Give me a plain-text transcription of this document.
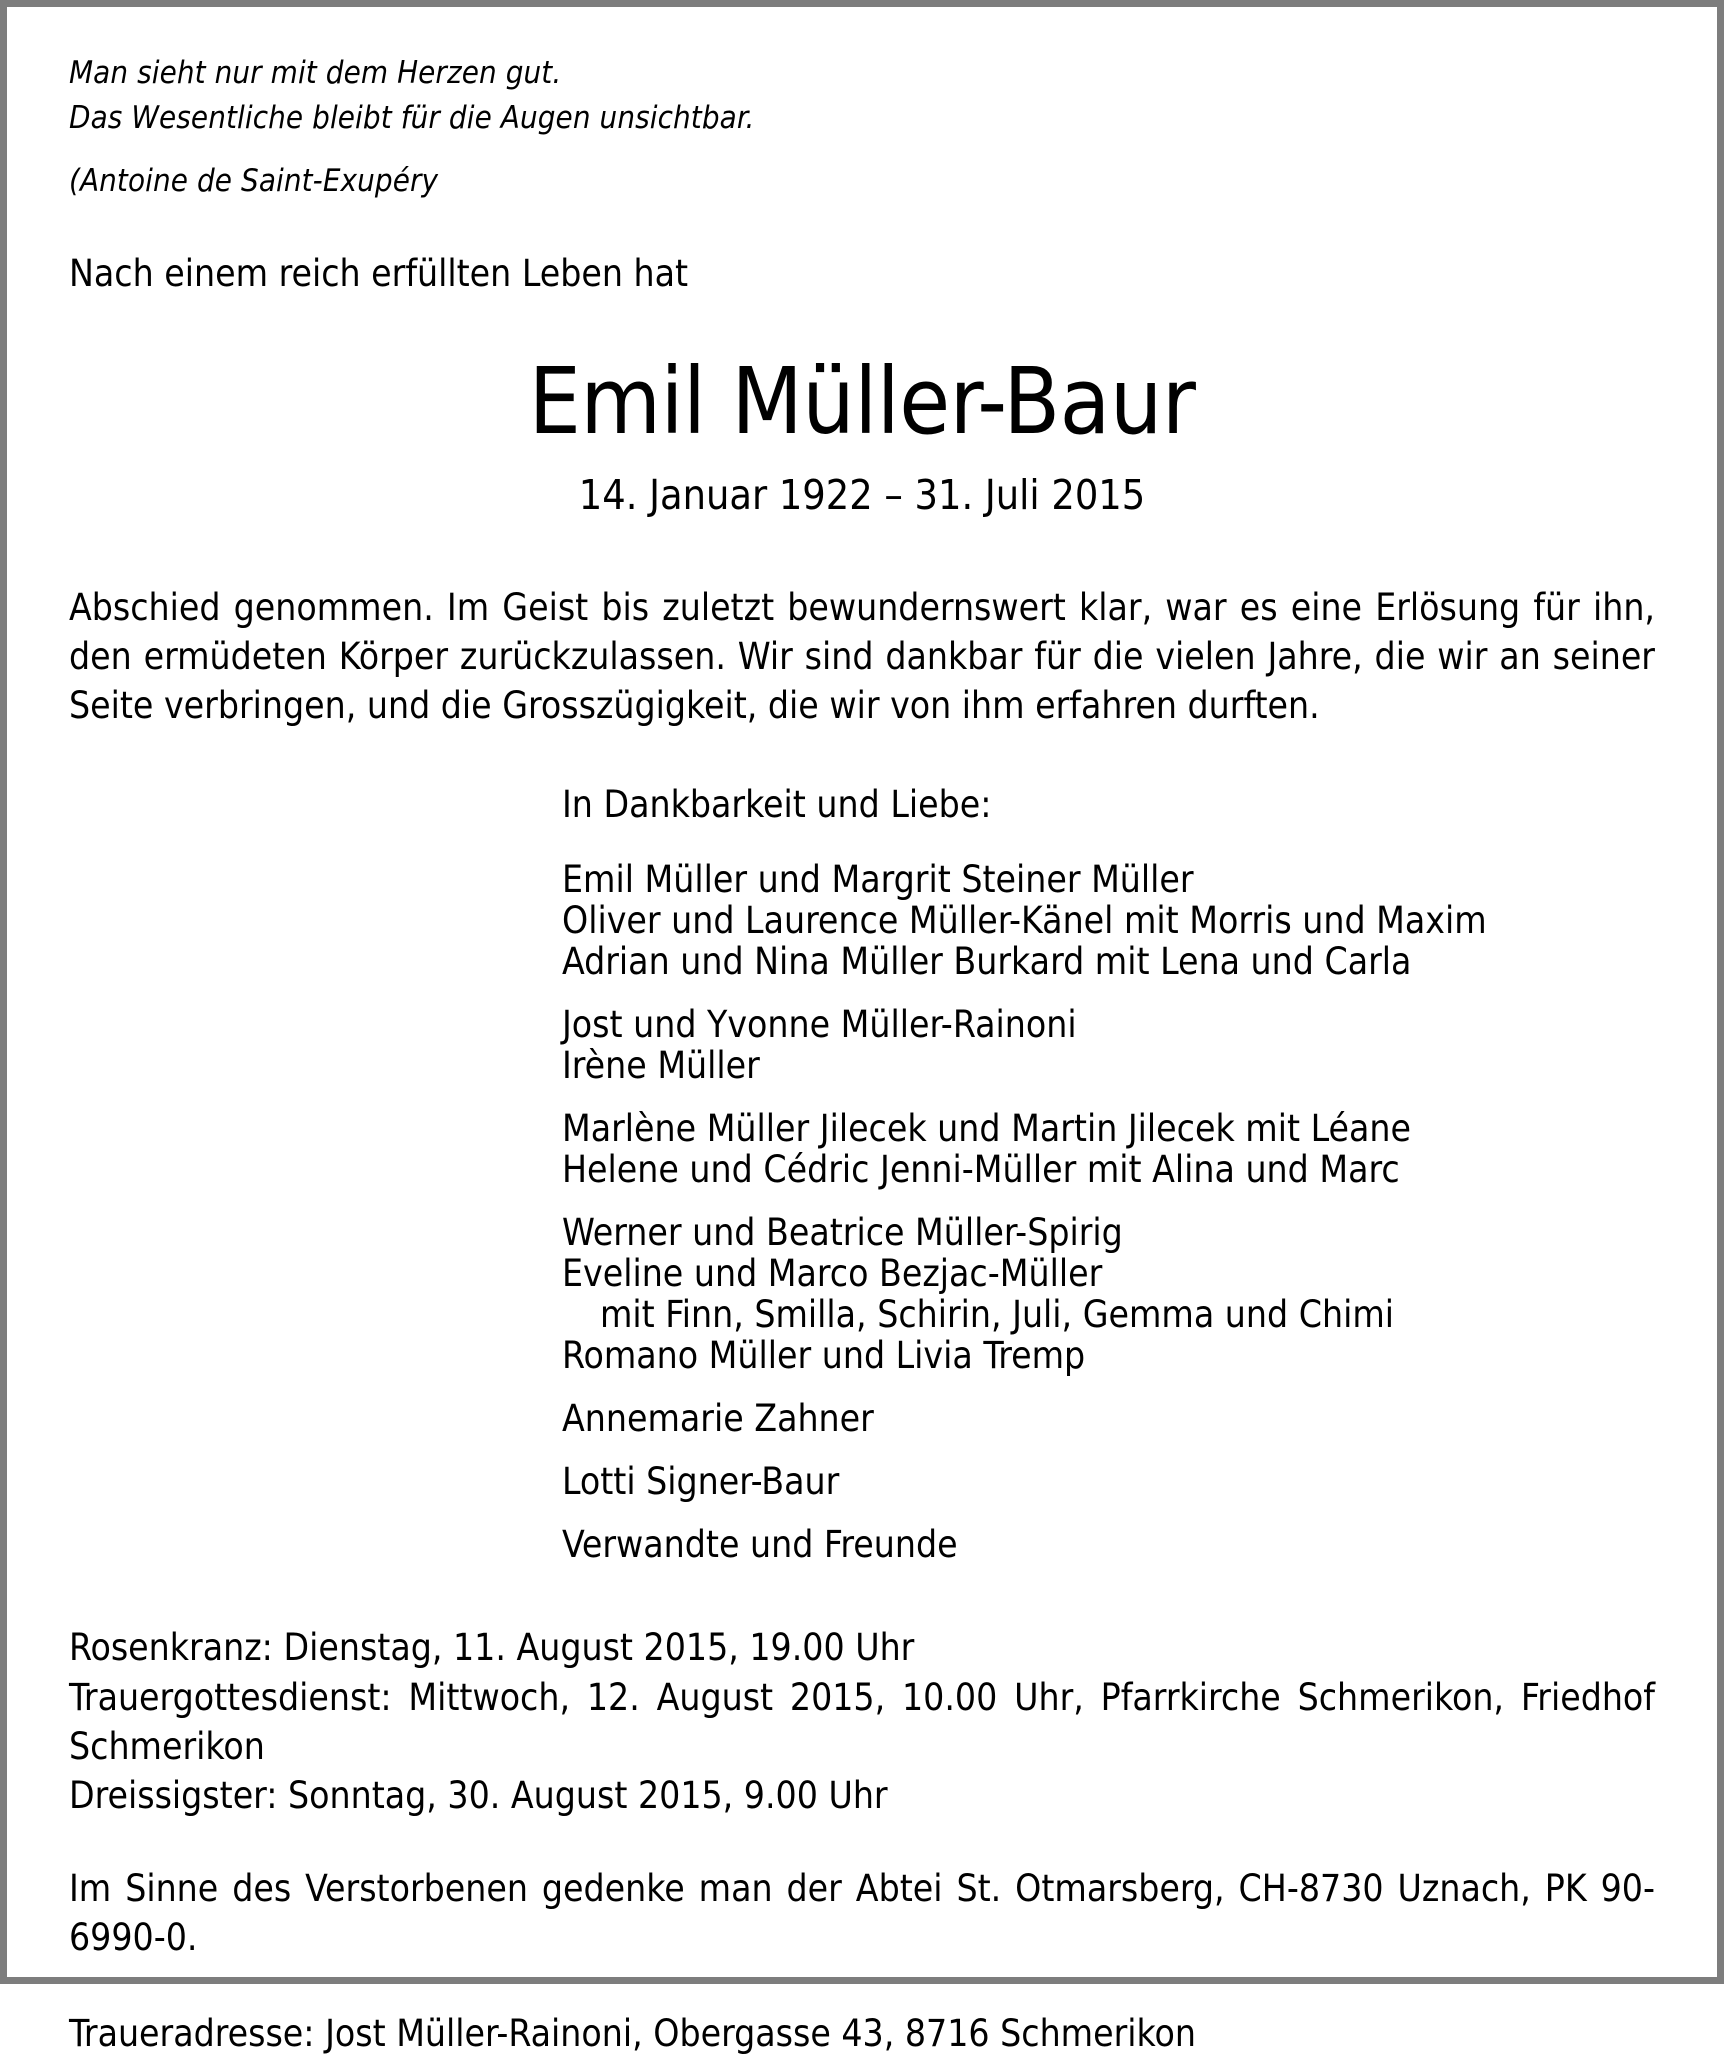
Man sieht nur mit dem Herzen gut.
Das Wesentliche bleibt für die Augen unsichtbar.
(Antoine de Saint-Exupéry
Nach einem reich erfüllten Leben hat
Emil Müller-Baur
14. Januar 1922 – 31. Juli 2015
Abschied genommen. Im Geist bis zuletzt bewundernswert klar, war es eine Erlösung für ihn, den ermüdeten Körper zurückzulassen. Wir sind dankbar für die vielen Jahre, die wir an seiner Seite verbringen, und die Grosszügigkeit, die wir von ihm erfahren durften.
In Dankbarkeit und Liebe:
Emil Müller und Margrit Steiner Müller
Oliver und Laurence Müller-Känel mit Morris und Maxim
Adrian und Nina Müller Burkard mit Lena und Carla
Jost und Yvonne Müller-Rainoni
Irène Müller
Marlène Müller Jilecek und Martin Jilecek mit Léane
Helene und Cédric Jenni-Müller mit Alina und Marc
Werner und Beatrice Müller-Spirig
Eveline und Marco Bezjac-Müller
mit Finn, Smilla, Schirin, Juli, Gemma und Chimi
Romano Müller und Livia Tremp
Annemarie Zahner
Lotti Signer-Baur
Verwandte und Freunde
Rosenkranz: Dienstag, 11. August 2015, 19.00 Uhr
Trauergottesdienst: Mittwoch, 12. August 2015, 10.00 Uhr, Pfarrkirche Schmerikon, Friedhof Schmerikon
Dreissigster: Sonntag, 30. August 2015, 9.00 Uhr
Im Sinne des Verstorbenen gedenke man der Abtei St. Otmarsberg, CH-8730 Uznach, PK 90-6990-0.
Traueradresse: Jost Müller-Rainoni, Obergasse 43, 8716 Schmerikon
